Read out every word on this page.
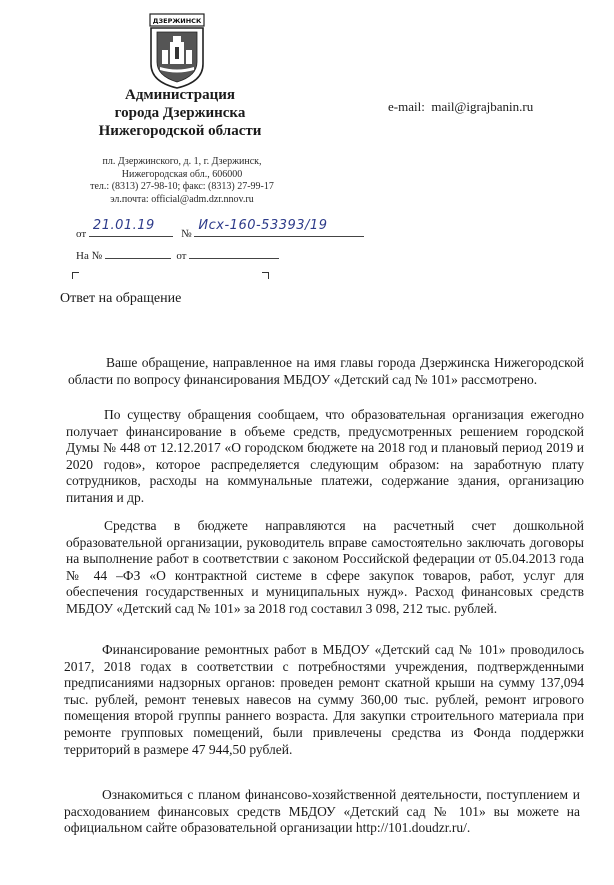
ДЗЕРЖИНСК
Администрация
города Дзержинска
Нижегородской области
пл. Дзержинского, д. 1, г. Дзержинск,
Нижегородская обл., 606000
тел.: (8313) 27-98-10; факс: (8313) 27-99-17
эл.почта: official@adm.dzr.nnov.ru
e-mail: mail@igrajbanin.ru
от
21.01.19
№
Исх-160-53393/19
На №	от
Ответ на обращение
Ваше обращение, направленное на имя главы города Дзержинска Нижегородской области по вопросу финансирования МБДОУ «Детский сад № 101» рассмотрено.
По существу обращения сообщаем, что образовательная организация ежегодно получает финансирование в объеме средств, предусмотренных решением городской Думы № 448 от 12.12.2017 «О городском бюджете на 2018 год и плановый период 2019 и 2020 годов», которое распределяется следующим образом: на заработную плату сотрудников, расходы на коммунальные платежи, содержание здания, организацию питания и др.
Средства в бюджете направляются на расчетный счет дошкольной образовательной организации, руководитель вправе самостоятельно заключать договоры на выполнение работ в соответствии с законом Российской федерации от 05.04.2013 года № 44 –ФЗ «О контрактной системе в сфере закупок товаров, работ, услуг для обеспечения государственных и муниципальных нужд». Расход финансовых средств МБДОУ «Детский сад № 101» за 2018 год составил 3 098, 212 тыс. рублей.
Финансирование ремонтных работ в МБДОУ «Детский сад № 101» проводилось 2017, 2018 годах в соответствии с потребностями учреждения, подтвержденными предписаниями надзорных органов: проведен ремонт скатной крыши на сумму 137,094 тыс. рублей, ремонт теневых навесов на сумму 360,00 тыс. рублей, ремонт игрового помещения второй группы раннего возраста. Для закупки строительного материала при ремонте групповых помещений, были привлечены средства из Фонда поддержки территорий в размере 47 944,50 рублей.
Ознакомиться с планом финансово-хозяйственной деятельности, поступлением и расходованием финансовых средств МБДОУ «Детский сад № 101» вы можете на официальном сайте образовательной организации http://101.doudzr.ru/.
